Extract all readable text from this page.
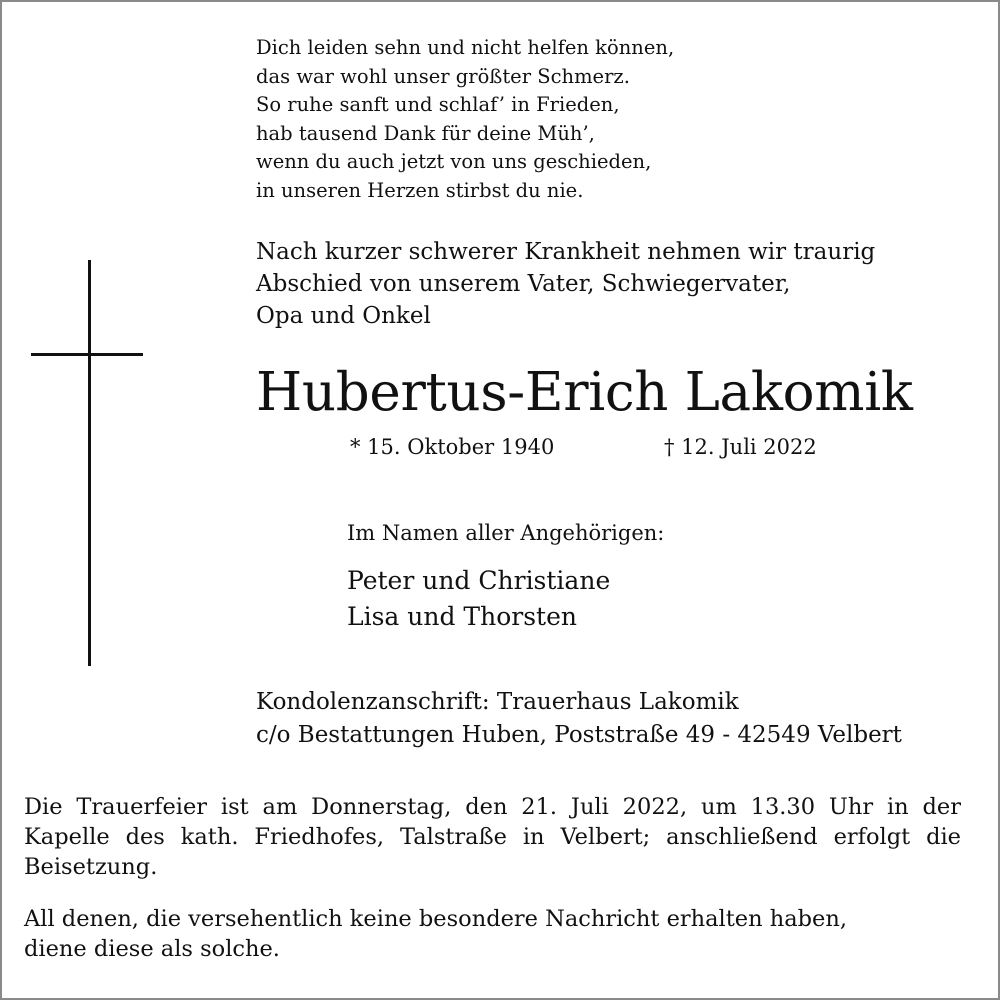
Dich leiden sehn und nicht helfen können,
das war wohl unser größter Schmerz.
So ruhe sanft und schlaf’ in Frieden,
hab tausend Dank für deine Müh’,
wenn du auch jetzt von uns geschieden,
in unseren Herzen stirbst du nie.
Nach kurzer schwerer Krankheit nehmen wir traurig
Abschied von unserem Vater, Schwiegervater,
Opa und Onkel
Hubertus-Erich Lakomik
* 15. Oktober 1940	† 12. Juli 2022
Im Namen aller Angehörigen:
Peter und Christiane
Lisa und Thorsten
Kondolenzanschrift: Trauerhaus Lakomik
c/o Bestattungen Huben, Poststraße 49 - 42549 Velbert
Die Trauerfeier ist am Donnerstag, den 21. Juli 2022, um 13.30 Uhr in der Kapelle des kath. Friedhofes, Talstraße in Velbert; anschließend erfolgt die Beisetzung.
All denen, die versehentlich keine besondere Nachricht erhalten haben,
diene diese als solche.
